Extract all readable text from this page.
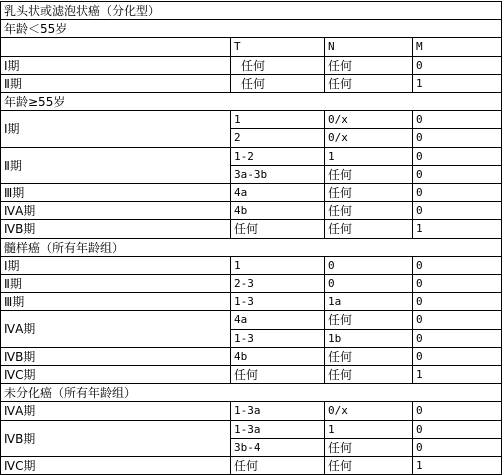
乳头状或滤泡状癌（分化型）
年龄＜55岁
T	N	M
Ⅰ期	任何	任何	0
Ⅱ期	任何	任何	1
年龄≥55岁
Ⅰ期
1	0/x	0
2	0/x	0
Ⅱ期
1-2	1	0
3a-3b	任何	0
Ⅲ期	4a	任何	0
ⅣA期	4b	任何	0
ⅣB期	任何	任何	1
髓样癌（所有年龄组）
Ⅰ期	1	0	0
Ⅱ期	2-3	0	0
Ⅲ期	1-3	1a	0
ⅣA期
4a	任何	0
1-3	1b	0
ⅣB期	4b	任何	0
ⅣC期	任何	任何	1
未分化癌（所有年龄组）
ⅣA期	1-3a	0/x	0
ⅣB期
1-3a	1	0
3b-4	任何	0
ⅣC期	任何	任何	1
